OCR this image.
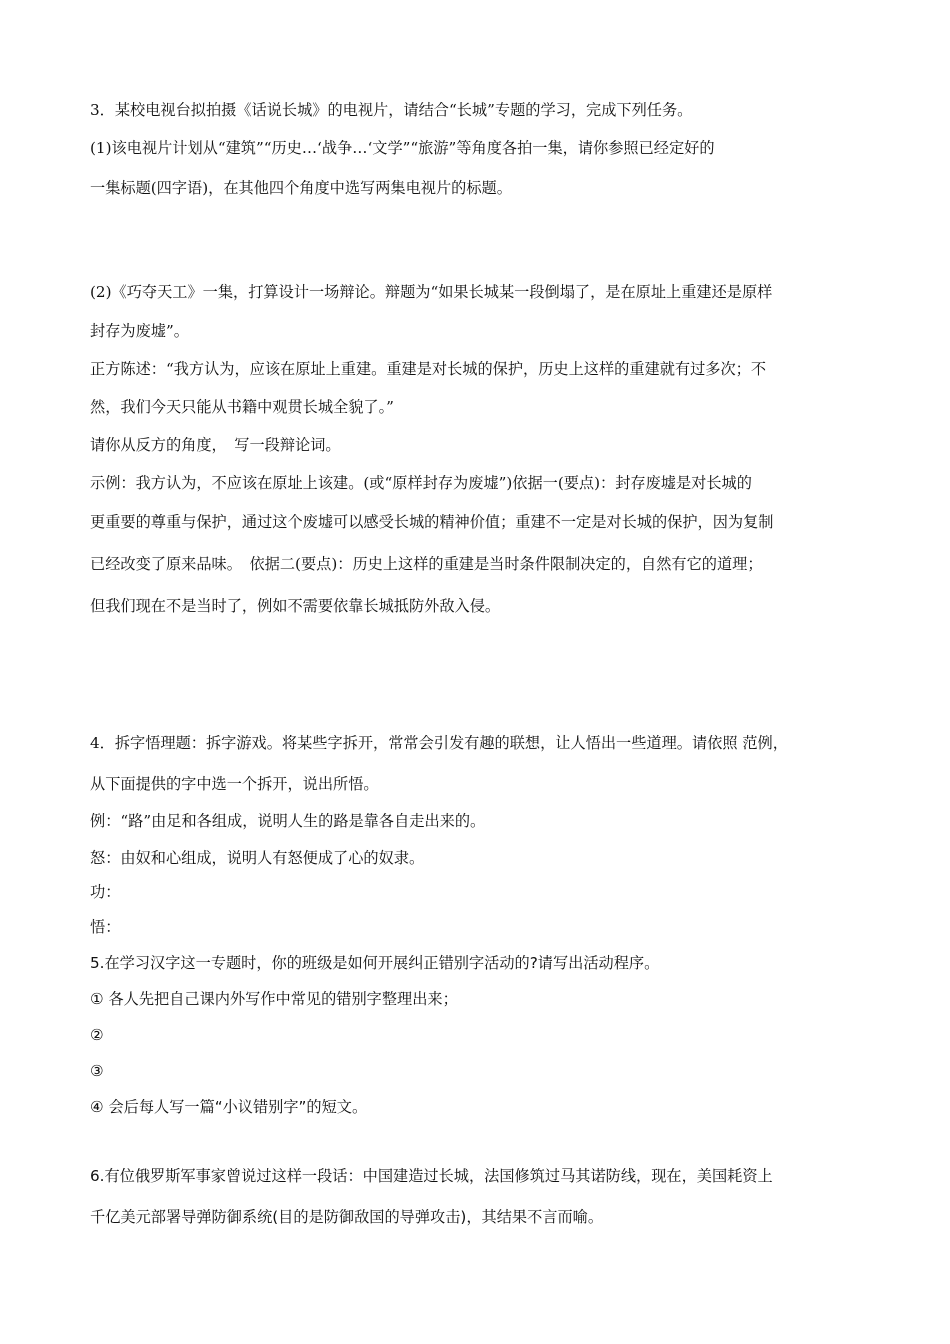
3．某校电视台拟拍摄《话说长城》的电视片，请结合“长城”专题的学习，完成下列任务。

(1)该电视片计划从“建筑”“历史…‘战争…‘文学”“旅游”等角度各拍一集，请你参照已经定好的

一集标题(四字语)，在其他四个角度中选写两集电视片的标题。

(2)《巧夺天工》一集，打算设计一场辩论。辩题为“如果长城某一段倒塌了，是在原址上重建还是原样

封存为废墟”。

正方陈述：“我方认为，应该在原址上重建。重建是对长城的保护，历史上这样的重建就有过多次；不

然，我们今天只能从书籍中观贯长城全貌了。”

请你从反方的角度，　写一段辩论词。

示例：我方认为，不应该在原址上该建。(或“原样封存为废墟”)依据一(要点)：封存废墟是对长城的

更重要的尊重与保护，通过这个废墟可以感受长城的精神价值；重建不一定是对长城的保护，因为复制

已经改变了原来品味。　依据二(要点)：历史上这样的重建是当时条件限制决定的，自然有它的道理；

但我们现在不是当时了，例如不需要依靠长城抵防外敌入侵。

4．拆字悟理题：拆字游戏。将某些字拆开，常常会引发有趣的联想，让人悟出一些道理。请依照 范例，

从下面提供的字中选一个拆开，说出所悟。

例：“路”由足和各组成，说明人生的路是靠各自走出来的。

怒：由奴和心组成，说明人有怒便成了心的奴隶。

功：

悟：

5.在学习汉字这一专题时，你的班级是如何开展纠正错别字活动的?请写出活动程序。

① 各人先把自己课内外写作中常见的错别字整理出来；

②

③

④ 会后每人写一篇“小议错别字”的短文。

6.有位俄罗斯军事家曾说过这样一段话：中国建造过长城，法国修筑过马其诺防线，现在，美国耗资上

千亿美元部署导弹防御系统(目的是防御敌国的导弹攻击)，其结果不言而喻。
